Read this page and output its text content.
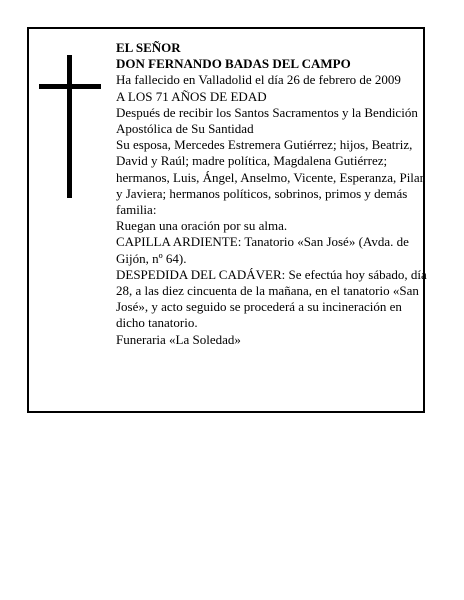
EL SEÑOR

DON FERNANDO BADAS DEL CAMPO

Ha fallecido en Valladolid el día 26 de febrero de 2009

A LOS 71 AÑOS DE EDAD

Después de recibir los Santos Sacramentos y la Bendición Apostólica de Su Santidad

Su esposa, Mercedes Estremera Gutiérrez; hijos, Beatriz, David y Raúl; madre política, Magdalena Gutiérrez; hermanos, Luis, Ángel, Anselmo, Vicente, Esperanza, Pilar y Javiera; hermanos políticos, sobrinos, primos y demás familia:

Ruegan una oración por su alma.

CAPILLA ARDIENTE: Tanatorio «San José» (Avda. de Gijón, nº 64).

DESPEDIDA DEL CADÁVER: Se efectúa hoy sábado, día 28, a las diez cincuenta de la mañana, en el tanatorio «San José», y acto seguido se procederá a su incineración en dicho tanatorio.

Funeraria «La Soledad»
